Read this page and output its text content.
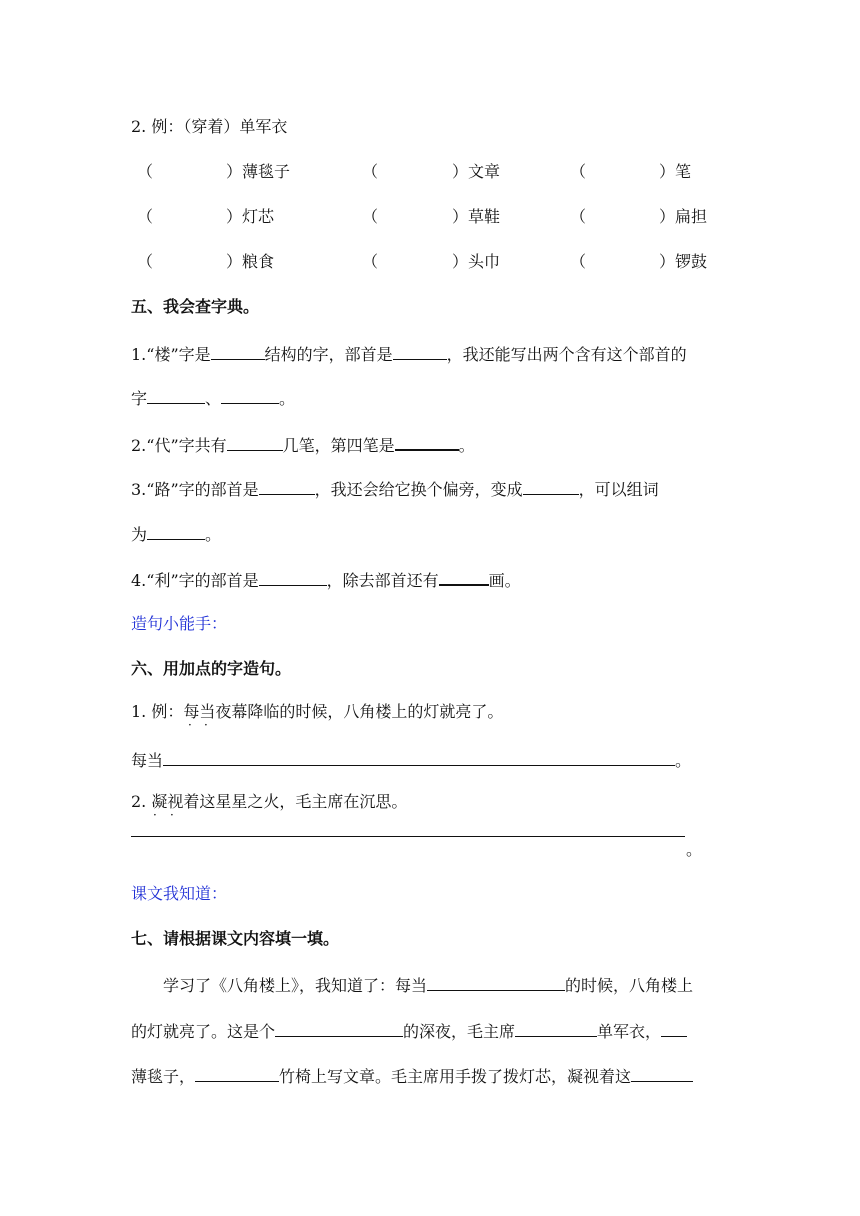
2. 例：（穿着）单军衣
（	）薄毯子	（	）文章	（	）笔
（	）灯芯	（	）草鞋	（	）扁担
（	）粮食	（	）头巾	（	）锣鼓
五、我会查字典。
1.“楼”字是	结构的字，部首是	，我还能写出两个含有这个部首的
字	、	。
2.“代”字共有	几笔，第四笔是	。
3.“路”字的部首是	，我还会给它换个偏旁，变成	，可以组词
为	。
4.“利”字的部首是	，除去部首还有	画。
造句小能手：
六、用加点的字造句。
1. 例：每当夜幕降临的时候，八角楼上的灯就亮了。
· ·
每当	。
2. 凝视着这星星之火，毛主席在沉思。
· ·
。
课文我知道：
七、请根据课文内容填一填。
学习了《八角楼上》，我知道了：每当	的时候，八角楼上
的灯就亮了。这是个	的深夜，毛主席	单军衣，
薄毯子，	竹椅上写文章。毛主席用手拨了拨灯芯，凝视着这
